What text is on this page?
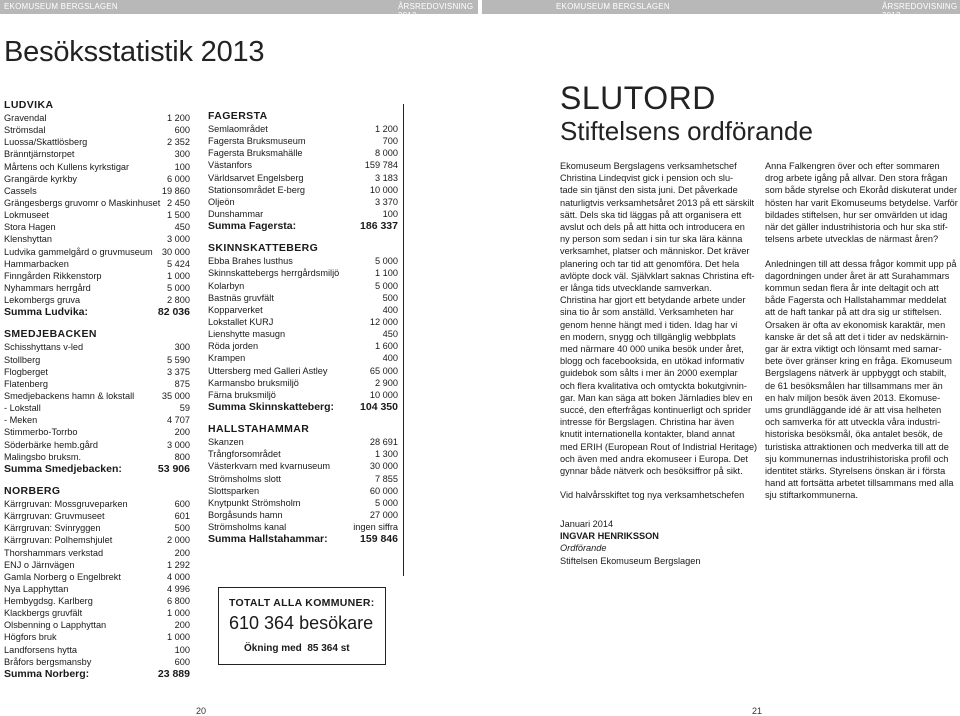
EKOMUSEUM BERGSLAGEN	ÅRSREDOVISNING 2013
EKOMUSEUM BERGSLAGEN	ÅRSREDOVISNING 2013
Besöksstatistik 2013
LUDVIKA
Gravendal	1 200
Strömsdal	600
Luossa/Skattlösberg	2 352
Bränntjärnstorpet	300
Mårtens och Kullens kyrkstigar	100
Grangärde kyrkby	6 000
Cassels	19 860
Grängesbergs gruvomr o Maskinhuset 2 450
Lokmuseet	1 500
Stora Hagen	450
Klenshyttan	3 000
Ludvika gammelgård o gruvmuseum 30 000
Hammarbacken	5 424
Finngården Rikkenstorp	1 000
Nyhammars herrgård	5 000
Lekombergs gruva	2 800
Summa Ludvika:	82 036
SMEDJEBACKEN
Schisshyttans v-led	300
Stollberg	5 590
Flogberget	3 375
Flatenberg	875
Smedjebackens hamn & lokstall	35 000
- Lokstall	59
- Meken	4 707
Stimmerbo-Torrbo	200
Söderbärke hemb.gård	3 000
Malingsbo bruksm.	800
Summa Smedjebacken:	53 906
NORBERG
Kärrgruvan: Mossgruveparken	600
Kärrgruvan: Gruvmuseet	601
Kärrgruvan: Svinryggen	500
Kärrgruvan: Polhemshjulet	2 000
Thorshammars verkstad	200
ENJ o Järnvägen	1 292
Gamla Norberg o Engelbrekt	4 000
Nya Lapphyttan	4 996
Hembygdsg. Karlberg	6 800
Klackbergs gruvfält	1 000
Olsbenning o Lapphyttan	200
Högfors bruk	1 000
Landforsens hytta	100
Bråfors bergsmansby	600
Summa Norberg:	23 889
FAGERSTA
Semlaområdet	1 200
Fagersta Bruksmuseum	700
Fagersta Bruksmahälle	8 000
Västanfors	159 784
Världsarvet Engelsberg	3 183
Stationsområdet E-berg	10 000
Oljeön	3 370
Dunshammar	100
Summa Fagersta:	186 337
SKINNSKATTEBERG
Ebba Brahes lusthus	5 000
Skinnskattebergs herrgårdsmiljö	1 100
Kolarbyn	5 000
Bastnäs gruvfält	500
Kopparverket	400
Lokstallet KURJ	12 000
Lienshytte masugn	450
Röda jorden	1 600
Krampen	400
Uttersberg med Galleri Astley	65 000
Karmansbo bruksmiljö	2 900
Färna bruksmiljö	10 000
Summa Skinnskatteberg: 104 350
HALLSTAHAMMAR
Skanzen	28 691
Trångforsområdet	1 300
Västerkvarn med kvarnuseum	30 000
Strömsholms slott	7 855
Slottsparken	60 000
Knytpunkt Strömsholm	5 000
Borgåsunds hamn	27 000
Strömsholms kanal	ingen siffra
Summa Hallstahammar:	159 846
TOTALT ALLA KOMMUNER:
610 364 besökare
Ökning med  85 364 st
SLUTORD
Stiftelsens ordförande

Ekomuseum Bergslagens verksamhetschef
Christina Lindeqvist gick i pension och slu-
tade sin tjänst den sista juni. Det påverkade
naturligtvis verksamhetsåret 2013 på ett särskilt
sätt. Dels ska tid läggas på att organisera ett
avslut och dels på att hitta och introducera en
ny person som sedan i sin tur ska lära känna
verksamhet, platser och människor. Det kräver
planering och tar tid att genomföra. Det hela
avlöpte dock väl. Självklart saknas Christina eft-
er långa tids utvecklande samverkan.
Christina har gjort ett betydande arbete under
sina tio år som anställd. Verksamheten har
genom henne hängt med i tiden. Idag har vi
en modern, snygg och tillgänglig webbplats
med närmare 40 000 unika besök under året,
blogg och facebooksida, en utökad informativ
guidebok som sålts i mer än 2000 exemplar
och flera kvalitativa och omtyckta bokutgivnin-
gar. Man kan säga att boken Järnladies blev en
succé, den efterfrågas kontinuerligt och sprider
intresse för Bergslagen. Christina har även
knutit internationella kontakter, bland annat
med ERIH (European Rout of Indistrial Heritage)
och även med andra ekomuseer i Europa. Det
gynnar både nätverk och besöksiffror på sikt.

Vid halvårsskiftet tog nya verksamhetschefen

Januari 2014
INGVAR HENRIKSSON
Ordförande
Stiftelsen Ekomuseum Bergslagen

Anna Falkengren över och efter sommaren
drog arbete igång på allvar. Den stora frågan
som både styrelse och Ekoråd diskuterat under
hösten har varit Ekomuseums betydelse. Varför
bildades stiftelsen, hur ser omvärlden ut idag
när det gäller industrihistoria och hur ska stif-
telsens arbete utvecklas de närmast åren?

Anledningen till att dessa frågor kommit upp på
dagordningen under året är att Surahammars
kommun sedan flera år inte deltagit och att
både Fagersta och Hallstahammar meddelat
att de haft tankar på att dra sig ur stiftelsen.
Orsaken är ofta av ekonomisk karaktär, men
kanske är det så att det i tider av nedskärnin-
gar är extra viktigt och lönsamt med samar-
bete över gränser kring en fråga. Ekomuseum
Bergslagens nätverk är uppbyggt och stabilt,
de 61 besöksmålen har tillsammans mer än
en halv miljon besök även 2013. Ekomuse-
ums grundläggande idé är att visa helheten
och samverka för att utveckla våra industri-
historiska besöksmål, öka antalet besök, de
turistiska attraktionen och medverka till att de
sju kommunernas industrihistoriska profil och
identitet stärks. Styrelsens önskan är i första
hand att fortsätta arbetet tillsammans med alla
sju stiftarkommunerna.

20	21
